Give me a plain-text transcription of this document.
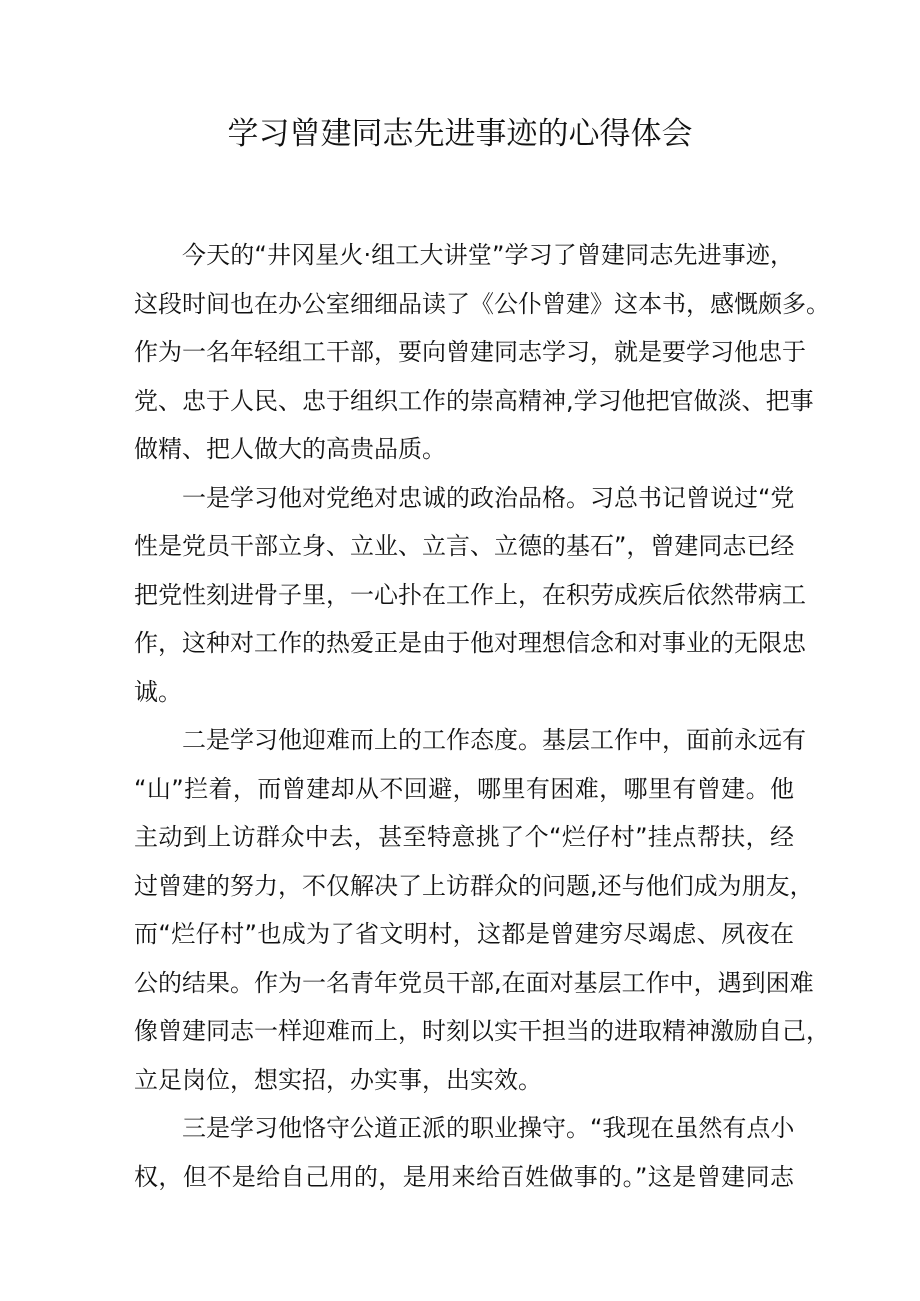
学习曾建同志先进事迹的心得体会
今天的“井冈星火·组工大讲堂”学习了曾建同志先进事迹，
这段时间也在办公室细细品读了《公仆曾建》这本书，感慨颇多。
作为一名年轻组工干部，要向曾建同志学习，就是要学习他忠于
党、忠于人民、忠于组织工作的崇高精神,学习他把官做淡、把事
做精、把人做大的高贵品质。
一是学习他对党绝对忠诚的政治品格。习总书记曾说过“党
性是党员干部立身、立业、立言、立德的基石”，曾建同志已经
把党性刻进骨子里，一心扑在工作上，在积劳成疾后依然带病工
作，这种对工作的热爱正是由于他对理想信念和对事业的无限忠
诚。
二是学习他迎难而上的工作态度。基层工作中，面前永远有
“山”拦着，而曾建却从不回避，哪里有困难，哪里有曾建。他
主动到上访群众中去，甚至特意挑了个“烂仔村”挂点帮扶，经
过曾建的努力，不仅解决了上访群众的问题,还与他们成为朋友，
而“烂仔村”也成为了省文明村，这都是曾建穷尽竭虑、夙夜在
公的结果。作为一名青年党员干部,在面对基层工作中，遇到困难
像曾建同志一样迎难而上，时刻以实干担当的进取精神激励自己，
立足岗位，想实招，办实事，出实效。
三是学习他恪守公道正派的职业操守。“我现在虽然有点小
权，但不是给自己用的，是用来给百姓做事的。”这是曾建同志
